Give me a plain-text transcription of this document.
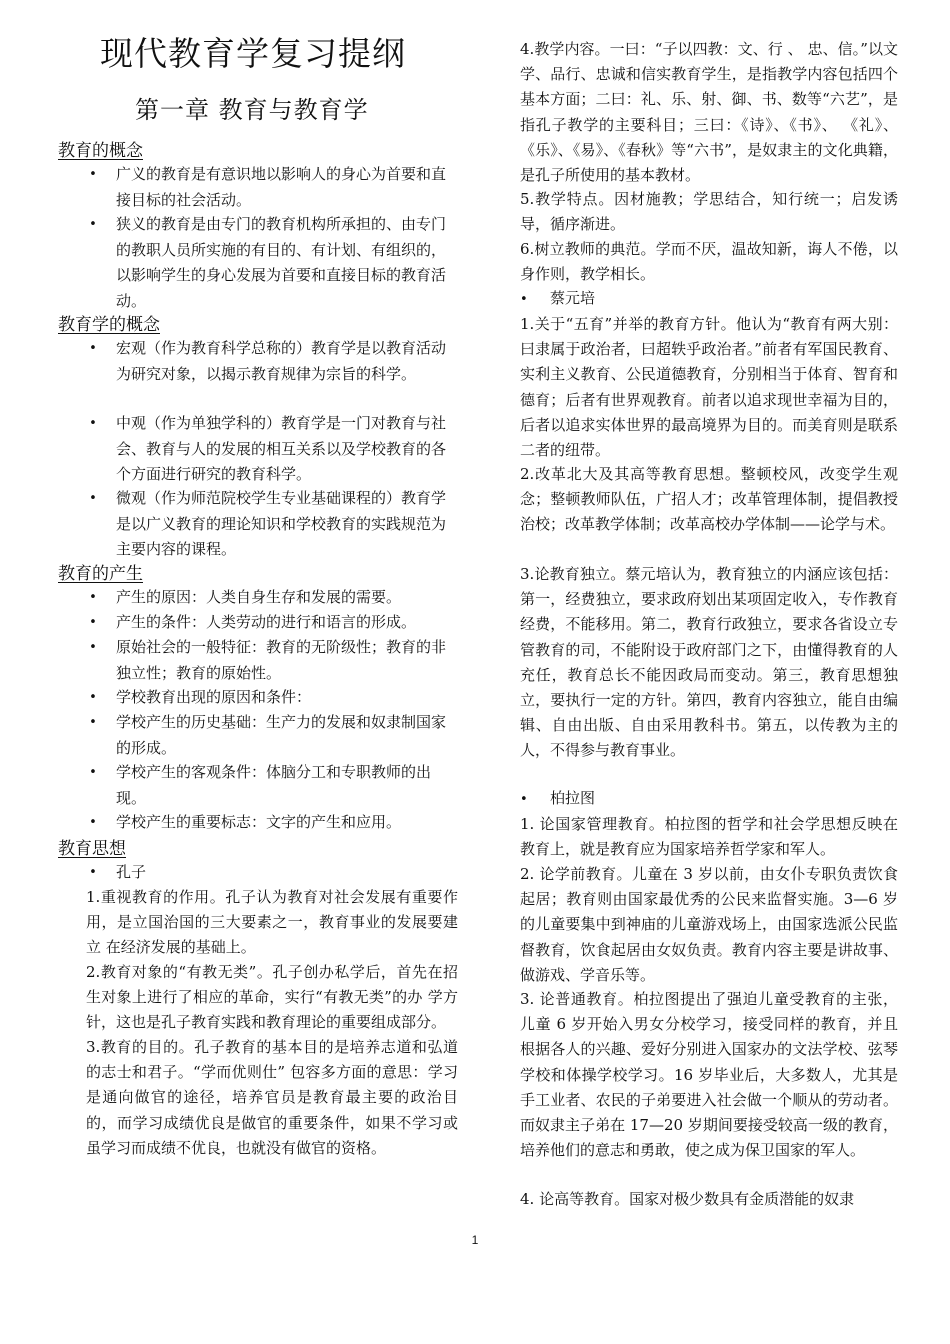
现代教育学复习提纲
第一章 教育与教育学
教育的概念
• 广义的教育是有意识地以影响人的身心为首要和直接目标的社会活动。
• 狭义的教育是由专门的教育机构所承担的、由专门的教职人员所实施的有目的、有计划、有组织的，以影响学生的身心发展为首要和直接目标的教育活动。
教育学的概念
• 宏观（作为教育科学总称的）教育学是以教育活动为研究对象，以揭示教育规律为宗旨的科学。
• 中观（作为单独学科的）教育学是一门对教育与社会、教育与人的发展的相互关系以及学校教育的各个方面进行研究的教育科学。
• 微观（作为师范院校学生专业基础课程的）教育学是以广义教育的理论知识和学校教育的实践规范为主要内容的课程。
教育的产生
• 产生的原因：人类自身生存和发展的需要。
• 产生的条件：人类劳动的进行和语言的形成。
• 原始社会的一般特征：教育的无阶级性；教育的非独立性；教育的原始性。
• 学校教育出现的原因和条件：
• 学校产生的历史基础：生产力的发展和奴隶制国家的形成。
• 学校产生的客观条件：体脑分工和专职教师的出现。
• 学校产生的重要标志：文字的产生和应用。
教育思想
• 孔子
1.重视教育的作用。孔子认为教育对社会发展有重要作用，是立国治国的三大要素之一，教育事业的发展要建 立 在经济发展的基础上。
2.教育对象的“有教无类”。孔子创办私学后，首先在招生对象上进行了相应的革命，实行“有教无类”的办 学方针，这也是孔子教育实践和教育理论的重要组成部分。
3.教育的目的。孔子教育的基本目的是培养志道和弘道的志士和君子。“学而优则仕” 包容多方面的意思：学习是通向做官的途径，培养官员是教育最主要的政治目的，而学习成绩优良是做官的重要条件，如果不学习或虽学习而成绩不优良，也就没有做官的资格。
4.教学内容。一曰：“子以四教：文、行 、 忠、信。”以文学、品行、忠诚和信实教育学生，是指教学内容包括四个基本方面；二曰：礼、乐、射、御、书、数等“六艺”，是指孔子教学的主要科目；三曰：《诗》、《书》、 《礼》、《乐》、《易》、《春秋》等“六书”，是奴隶主的文化典籍，是孔子所使用的基本教材。
5.教学特点。因材施教；学思结合，知行统一；启发诱导，循序渐进。
6.树立教师的典范。学而不厌，温故知新，诲人不倦，以身作则，教学相长。
• 蔡元培
1.关于“五育”并举的教育方针。他认为“教育有两大别：曰隶属于政治者，曰超轶乎政治者。”前者有军国民教育、实利主义教育、公民道德教育，分别相当于体育、智育和德育；后者有世界观教育。前者以追求现世幸福为目的，后者以追求实体世界的最高境界为目的。而美育则是联系二者的纽带。
2.改革北大及其高等教育思想。整顿校风，改变学生观念；整顿教师队伍，广招人才；改革管理体制，提倡教授治校；改革教学体制；改革高校办学体制——论学与术。
3.论教育独立。蔡元培认为，教育独立的内涵应该包括：第一，经费独立，要求政府划出某项固定收入，专作教育经费，不能移用。第二，教育行政独立，要求各省设立专管教育的司，不能附设于政府部门之下，由懂得教育的人充任，教育总长不能因政局而变动。第三，教育思想独立，要执行一定的方针。第四，教育内容独立，能自由编辑、自由出版、自由采用教科书。第五，以传教为主的人，不得参与教育事业。
• 柏拉图
1. 论国家管理教育。柏拉图的哲学和社会学思想反映在教育上，就是教育应为国家培养哲学家和军人。
2. 论学前教育。儿童在 3 岁以前，由女仆专职负责饮食起居；教育则由国家最优秀的公民来监督实施。3—6 岁的儿童要集中到神庙的儿童游戏场上，由国家选派公民监督教育，饮食起居由女奴负责。教育内容主要是讲故事、做游戏、学音乐等。
3. 论普通教育。柏拉图提出了强迫儿童受教育的主张，儿童 6 岁开始入男女分校学习，接受同样的教育，并且根据各人的兴趣、爱好分别进入国家办的文法学校、弦琴学校和体操学校学习。16 岁毕业后，大多数人，尤其是手工业者、农民的子弟要进入社会做一个顺从的劳动者。而奴隶主子弟在 17—20 岁期间要接受较高一级的教育，培养他们的意志和勇敢，使之成为保卫国家的军人。
4. 论高等教育。国家对极少数具有金质潜能的奴隶
1
